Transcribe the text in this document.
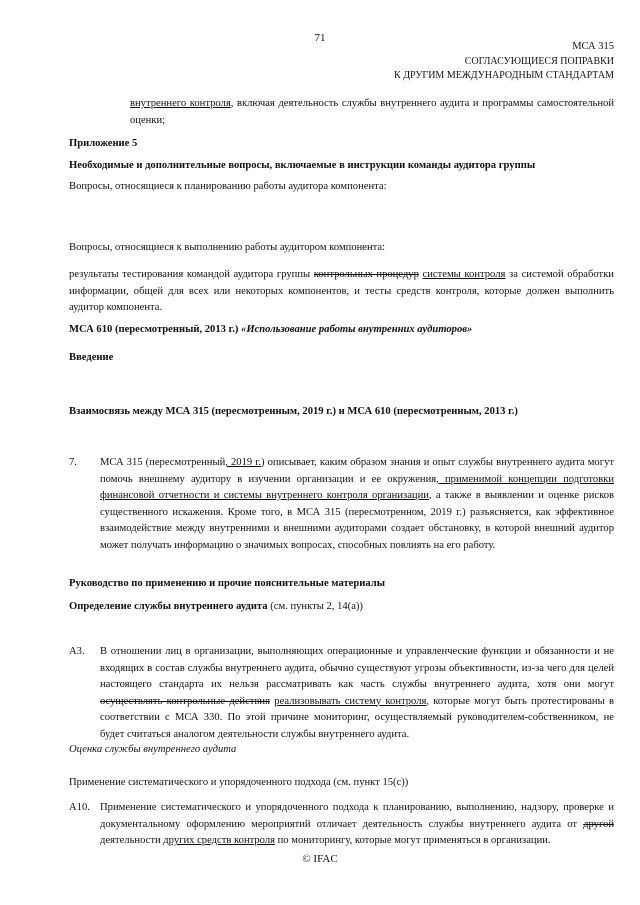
71
МСА 315
СОГЛАСУЮЩИЕСЯ ПОПРАВКИ
К ДРУГИМ МЕЖДУНАРОДНЫМ СТАНДАРТАМ
внутреннего контроля, включая деятельность службы внутреннего аудита и программы самостоятельной оценки;
Приложение 5
Необходимые и дополнительные вопросы, включаемые в инструкции команды аудитора группы
Вопросы, относящиеся к планированию работы аудитора компонента:
Вопросы, относящиеся к выполнению работы аудитором компонента:
результаты тестирования командой аудитора группы контрольных процедур системы контроля за системой обработки информации, общей для всех или некоторых компонентов, и тесты средств контроля, которые должен выполнить аудитор компонента.
МСА 610 (пересмотренный, 2013 г.) «Использование работы внутренних аудиторов»
Введение
Взаимосвязь между МСА 315 (пересмотренным, 2019 г.) и МСА 610 (пересмотренным, 2013 г.)
7. МСА 315 (пересмотренный, 2019 г.) описывает, каким образом знания и опыт службы внутреннего аудита могут помочь внешнему аудитору в изучении организации и ее окружения, применимой концепции подготовки финансовой отчетности и системы внутреннего контроля организации, а также в выявлении и оценке рисков существенного искажения. Кроме того, в МСА 315 (пересмотренном, 2019 г.) разъясняется, как эффективное взаимодействие между внутренними и внешними аудиторами создает обстановку, в которой внешний аудитор может получать информацию о значимых вопросах, способных повлиять на его работу.
Руководство по применению и прочие пояснительные материалы
Определение службы внутреннего аудита (см. пункты 2, 14(а))
A3. В отношении лиц в организации, выполняющих операционные и управленческие функции и обязанности и не входящих в состав службы внутреннего аудита, обычно существуют угрозы объективности, из-за чего для целей настоящего стандарта их нельзя рассматривать как часть службы внутреннего аудита, хотя они могут осуществлять контрольные действия реализовывать систему контроля, которые могут быть протестированы в соответствии с МСА 330. По этой причине мониторинг, осуществляемый руководителем-собственником, не будет считаться аналогом деятельности службы внутреннего аудита.
Оценка службы внутреннего аудита
Применение систематического и упорядоченного подхода (см. пункт 15(с))
A10. Применение систематического и упорядоченного подхода к планированию, выполнению, надзору, проверке и документальному оформлению мероприятий отличает деятельность службы внутреннего аудита от другой деятельности других средств контроля по мониторингу, которые могут применяться в организации.
© IFAC
